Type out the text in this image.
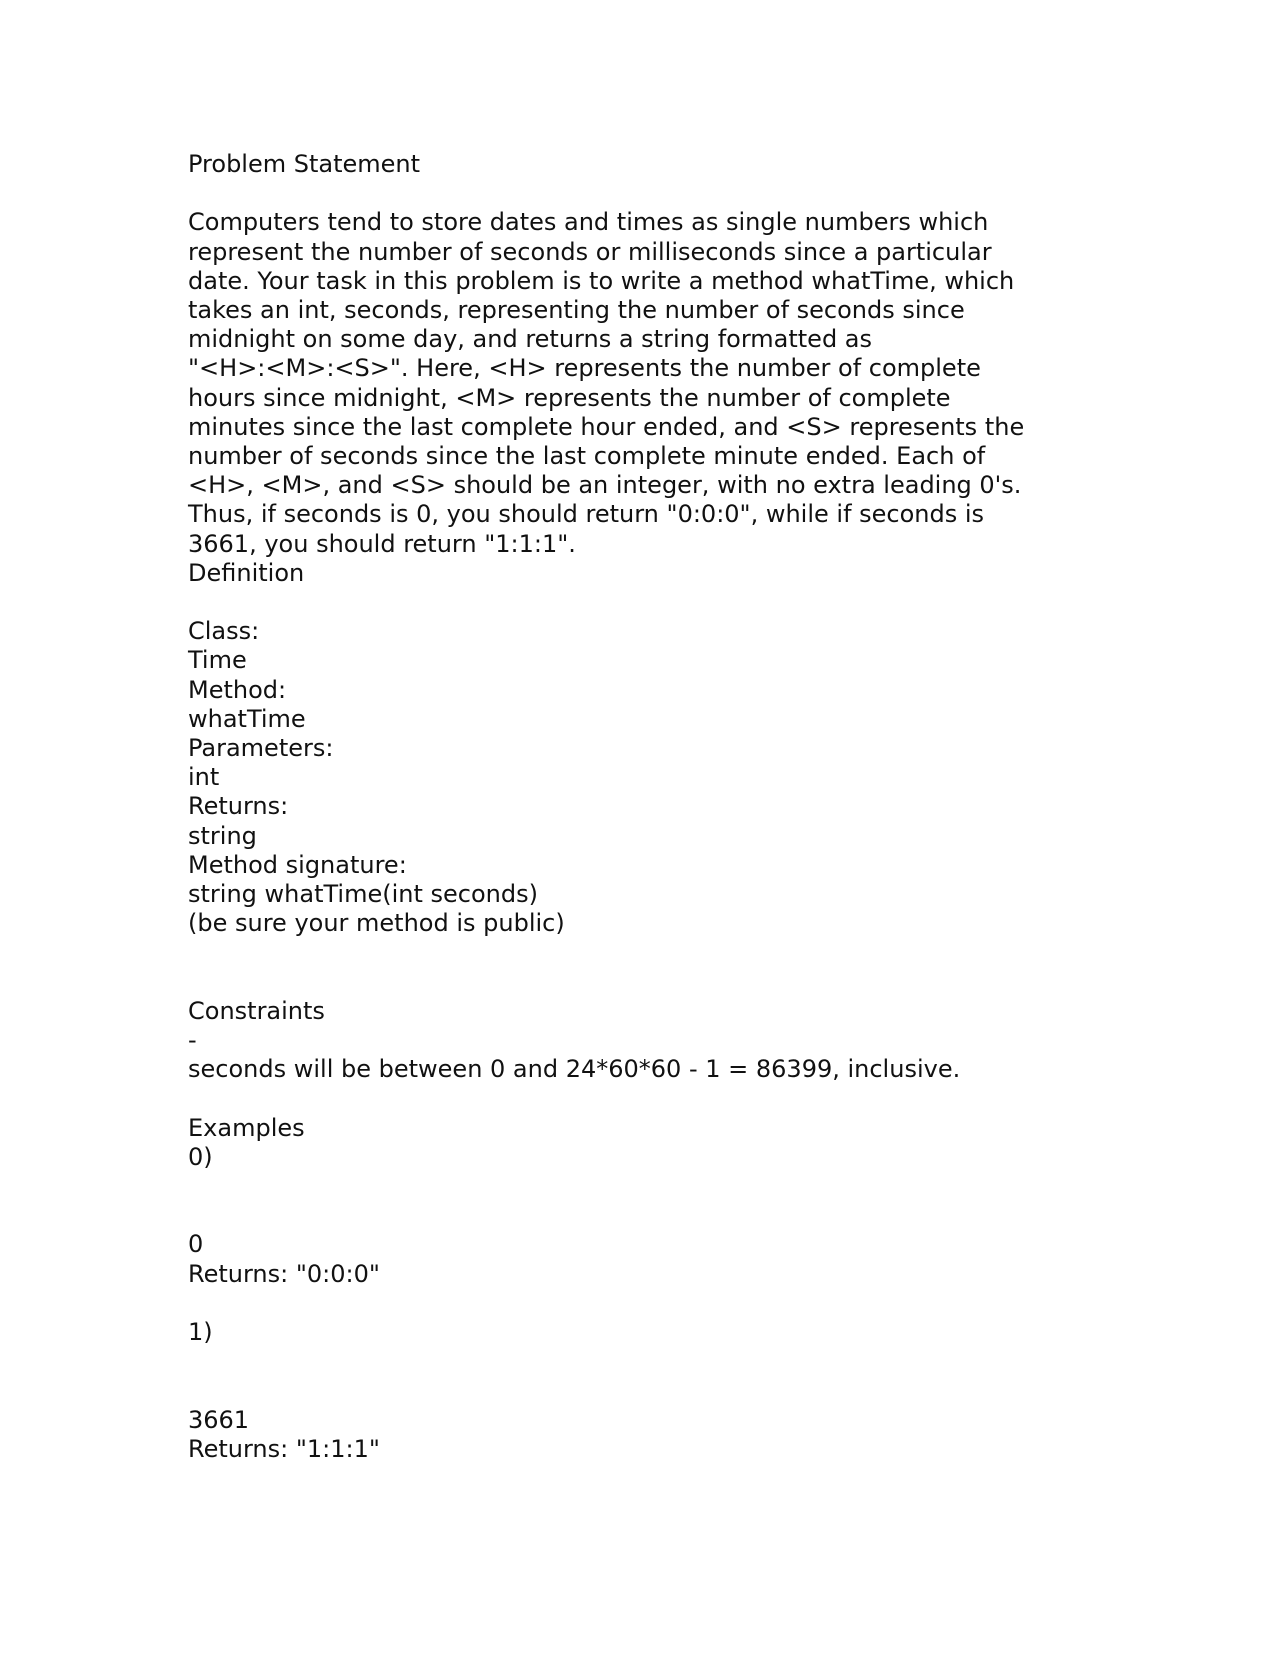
Problem Statement
Computers tend to store dates and times as single numbers which
represent the number of seconds or milliseconds since a particular
date. Your task in this problem is to write a method whatTime, which
takes an int, seconds, representing the number of seconds since
midnight on some day, and returns a string formatted as
"<H>:<M>:<S>". Here, <H> represents the number of complete
hours since midnight, <M> represents the number of complete
minutes since the last complete hour ended, and <S> represents the
number of seconds since the last complete minute ended. Each of
<H>, <M>, and <S> should be an integer, with no extra leading 0's.
Thus, if seconds is 0, you should return "0:0:0", while if seconds is
3661, you should return "1:1:1".
Definition
Class:
Time
Method:
whatTime
Parameters:
int
Returns:
string
Method signature:
string whatTime(int seconds)
(be sure your method is public)
Constraints
-
seconds will be between 0 and 24*60*60 - 1 = 86399, inclusive.
Examples
0)
0
Returns: "0:0:0"
1)
3661
Returns: "1:1:1"
